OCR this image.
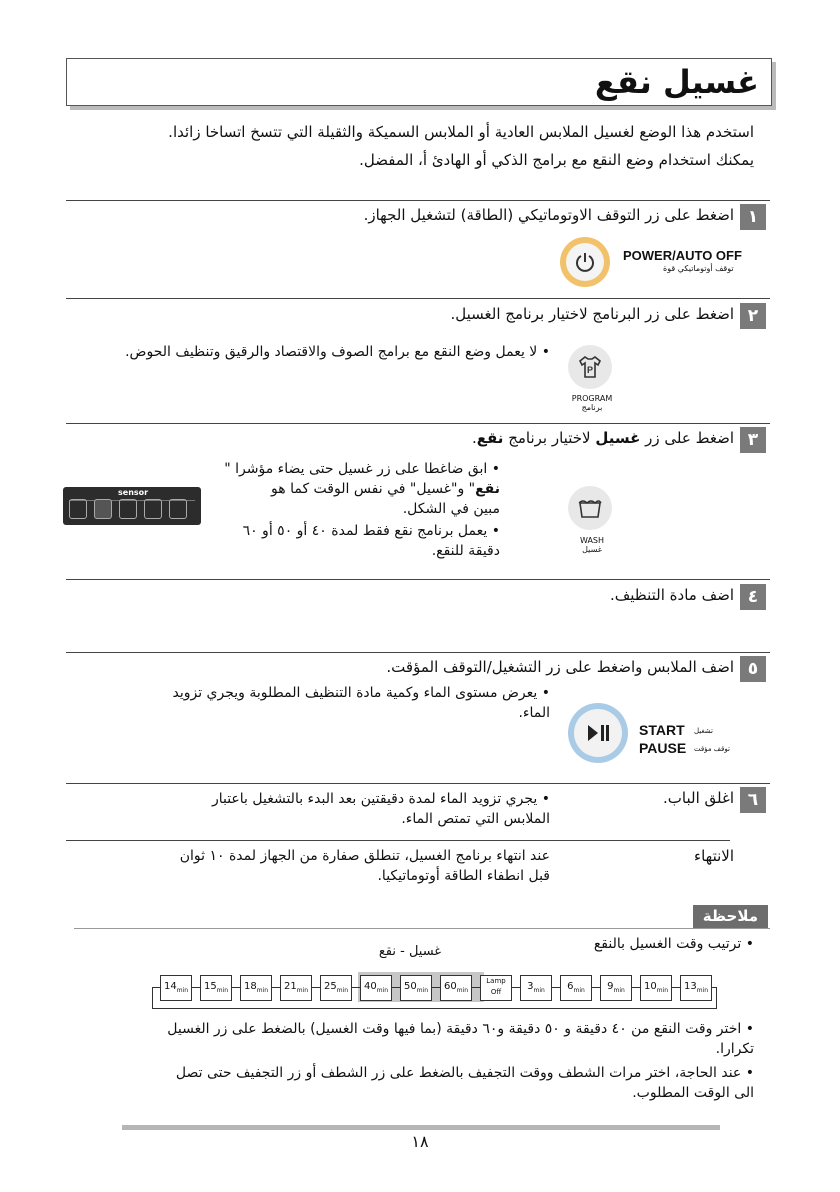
غسيل نقع
استخدم هذا الوضع لغسيل الملابس العادية أو الملابس السميكة والثقيلة التي تتسخ اتساخا زائدا.
يمكنك استخدام وضع النقع مع برامج الذكي أو الهادئ أ، المفضل.
١
اضغط على زر التوقف الاوتوماتيكي (الطاقة) لتشغيل الجهاز.
POWER/AUTO OFF
توقف أوتوماتيكي قوة
٢
اضغط على زر البرنامج لاختيار برنامج الغسيل.
• لا يعمل وضع النقع مع برامج الصوف والاقتصاد والرقيق وتنظيف الحوض.
P
PROGRAM
برنامج
٣
اضغط على زر غسيل لاختيار برنامج نقع.
• ابق ضاغطا على زر غسيل حتى يضاء مؤشرا "
نقع" و"غسيل" في نفس الوقت كما هو
مبين في الشكل.
• يعمل برنامج نقع فقط لمدة ٤٠ أو ٥٠ أو ٦٠
دقيقة للنقع.
sensor
WASH
غسيل
٤
اضف مادة التنظيف.
٥
اضف الملابس واضغط على زر التشغيل/التوقف المؤقت.
• يعرض مستوى الماء وكمية مادة التنظيف المطلوبة ويجري تزويد
الماء.
START تشغيل
PAUSE توقف مؤقت
٦
اغلق الباب.
• يجري تزويد الماء لمدة دقيقتين بعد البدء بالتشغيل باعتبار
الملابس التي تمتص الماء.
الانتهاء
عند انتهاء برنامج الغسيل، تنطلق صفارة من الجهاز لمدة ١٠ ثوان
قبل انطفاء الطاقة أوتوماتيكيا.
ملاحظة
• ترتيب وقت الغسيل بالنقع
غسيل - نقع
$14_{min}$	$15_{min}$	$18_{min}$	$21_{min}$	$25_{min}$	$40_{min}$	$50_{min}$	$60_{min}$
Lamp Off	$3_{min}$	$6_{min}$	$9_{min}$	$10_{min}$	$13_{min}$
• اختر وقت النقع من ٤٠ دقيقة و ٥٠ دقيقة و٦٠ دقيقة (بما فيها وقت الغسيل) بالضغط على زر الغسيل
تكرارا.
• عند الحاجة، اختر مرات الشطف ووقت التجفيف بالضغط على زر الشطف أو زر التجفيف حتى تصل
الى الوقت المطلوب.
١٨
